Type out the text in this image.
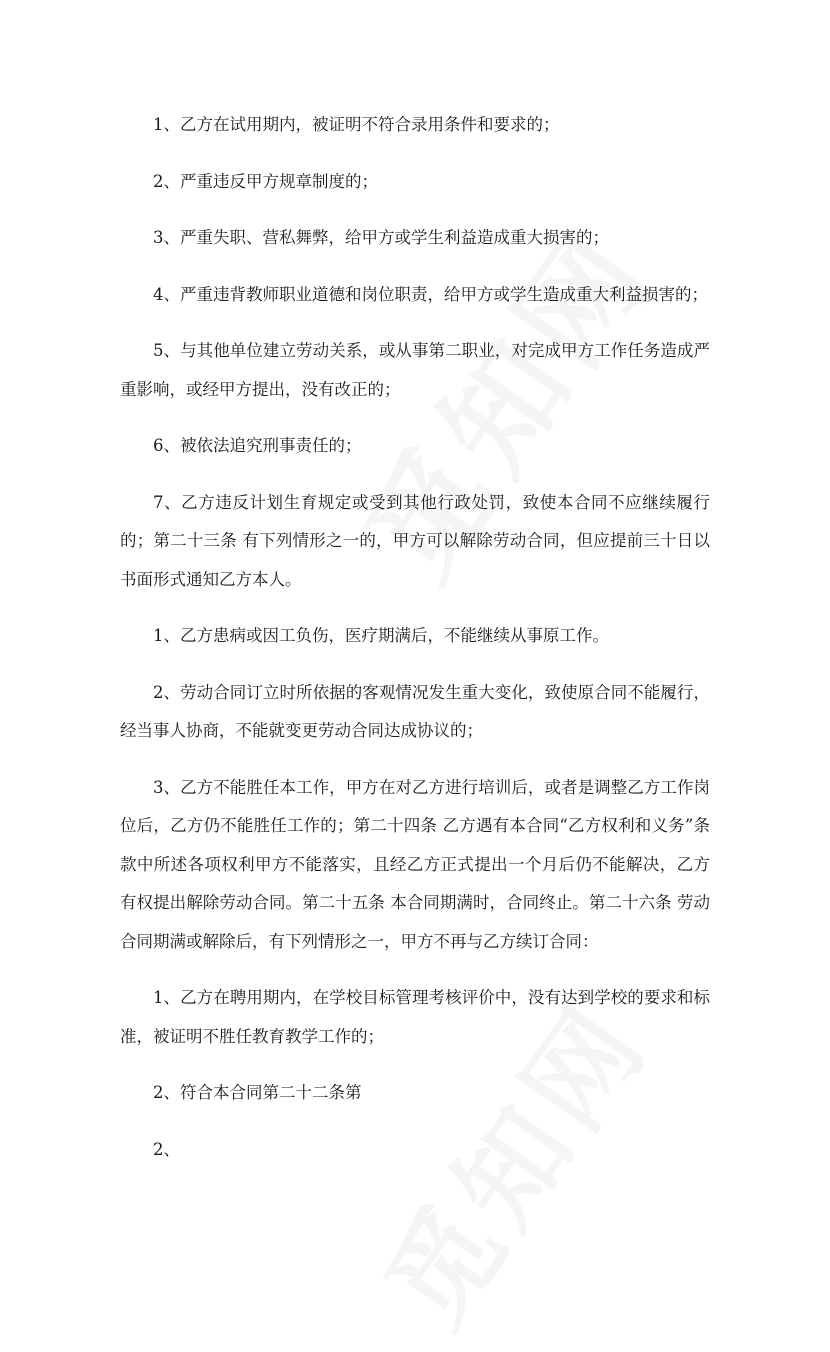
1、乙方在试用期内，被证明不符合录用条件和要求的；

2、严重违反甲方规章制度的；

3、严重失职、营私舞弊，给甲方或学生利益造成重大损害的；

4、严重违背教师职业道德和岗位职责，给甲方或学生造成重大利益损害的；

5、与其他单位建立劳动关系，或从事第二职业，对完成甲方工作任务造成严重影响，或经甲方提出，没有改正的；

6、被依法追究刑事责任的；

7、乙方违反计划生育规定或受到其他行政处罚，致使本合同不应继续履行的；第二十三条 有下列情形之一的，甲方可以解除劳动合同，但应提前三十日以书面形式通知乙方本人。

1、乙方患病或因工负伤，医疗期满后，不能继续从事原工作。

2、劳动合同订立时所依据的客观情况发生重大变化，致使原合同不能履行，经当事人协商，不能就变更劳动合同达成协议的；

3、乙方不能胜任本工作，甲方在对乙方进行培训后，或者是调整乙方工作岗位后，乙方仍不能胜任工作的；第二十四条 乙方遇有本合同“乙方权利和义务”条款中所述各项权利甲方不能落实，且经乙方正式提出一个月后仍不能解决，乙方有权提出解除劳动合同。第二十五条 本合同期满时，合同终止。第二十六条 劳动合同期满或解除后，有下列情形之一，甲方不再与乙方续订合同：

1、乙方在聘用期内，在学校目标管理考核评价中，没有达到学校的要求和标准，被证明不胜任教育教学工作的；

2、符合本合同第二十二条第

2、
